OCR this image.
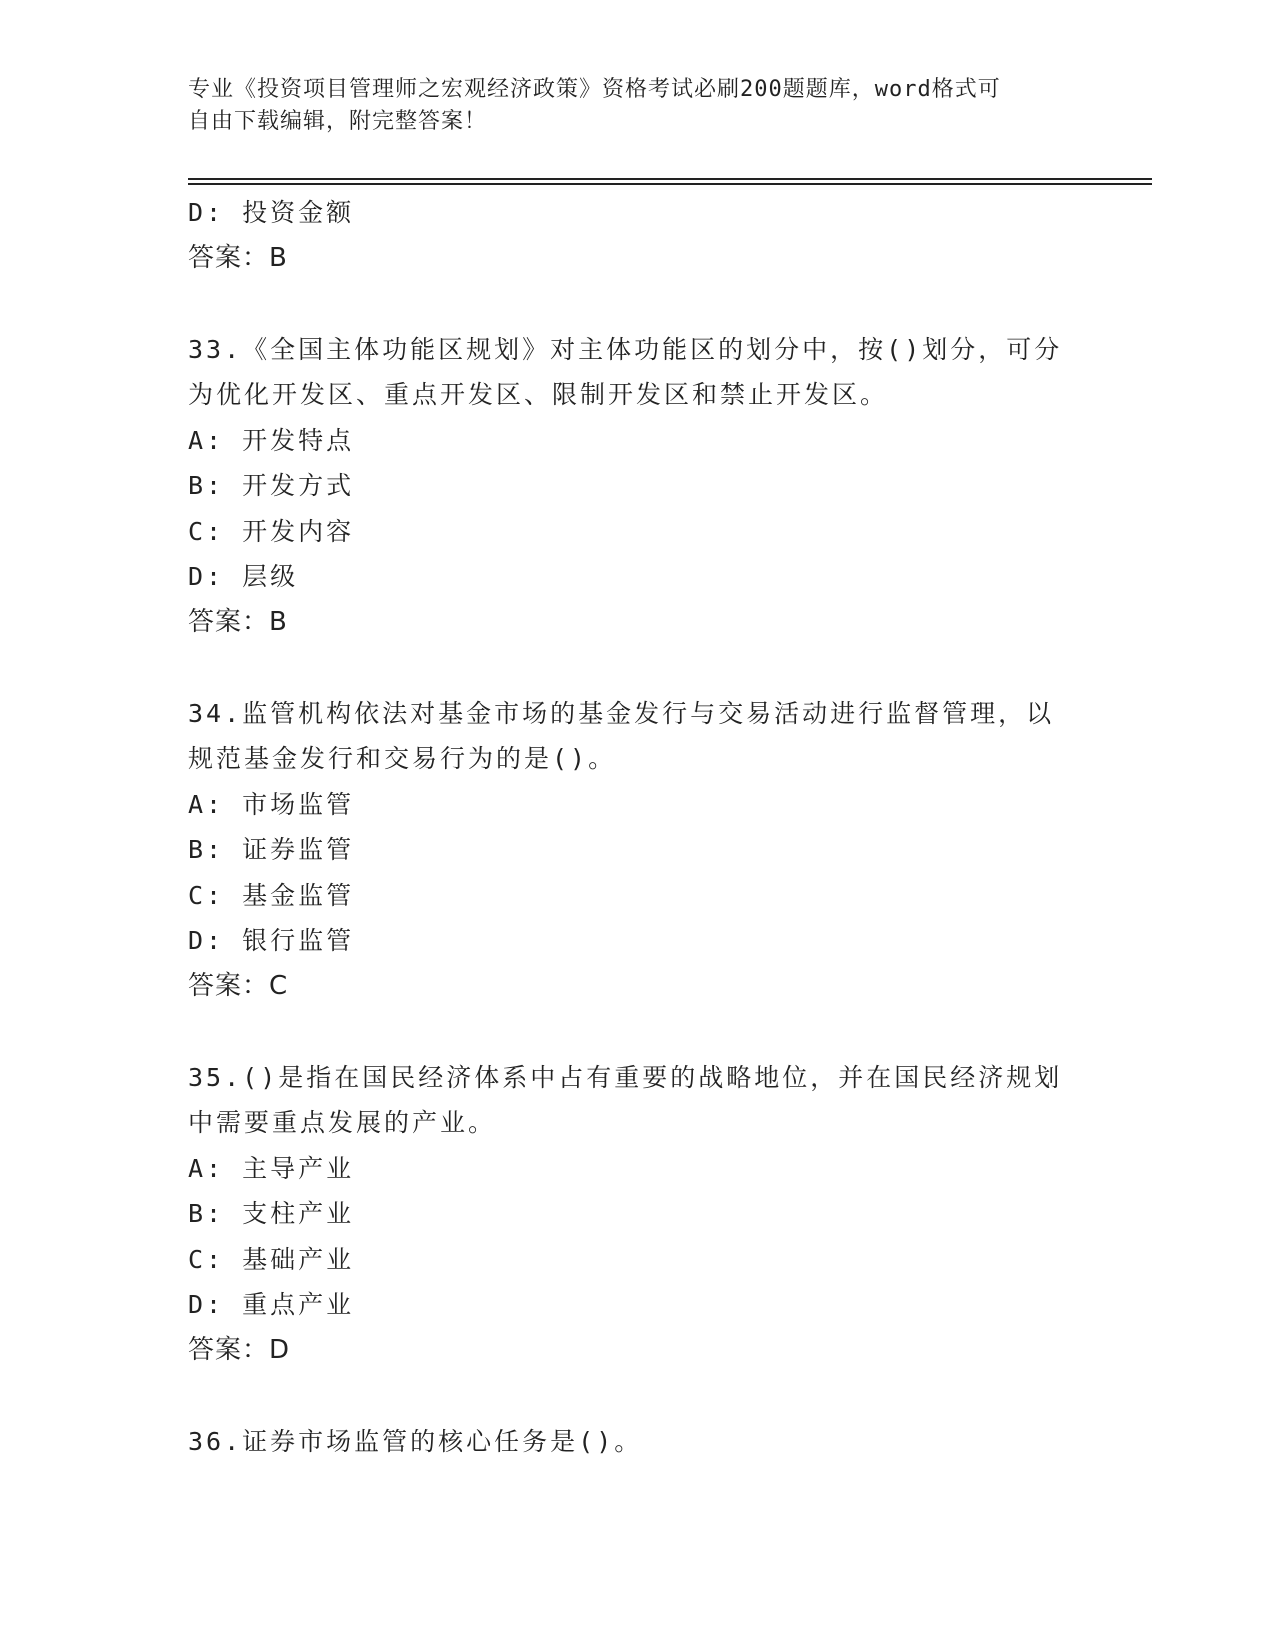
专业《投资项目管理师之宏观经济政策》资格考试必刷200题题库，word格式可
自由下载编辑，附完整答案！
D: 投资金额
答案：B
33.《全国主体功能区规划》对主体功能区的划分中，按()划分，可分
为优化开发区、重点开发区、限制开发区和禁止开发区。
A: 开发特点
B: 开发方式
C: 开发内容
D: 层级
答案：B
34.监管机构依法对基金市场的基金发行与交易活动进行监督管理，以
规范基金发行和交易行为的是()。
A: 市场监管
B: 证券监管
C: 基金监管
D: 银行监管
答案：C
35.()是指在国民经济体系中占有重要的战略地位，并在国民经济规划
中需要重点发展的产业。
A: 主导产业
B: 支柱产业
C: 基础产业
D: 重点产业
答案：D
36.证券市场监管的核心任务是()。
